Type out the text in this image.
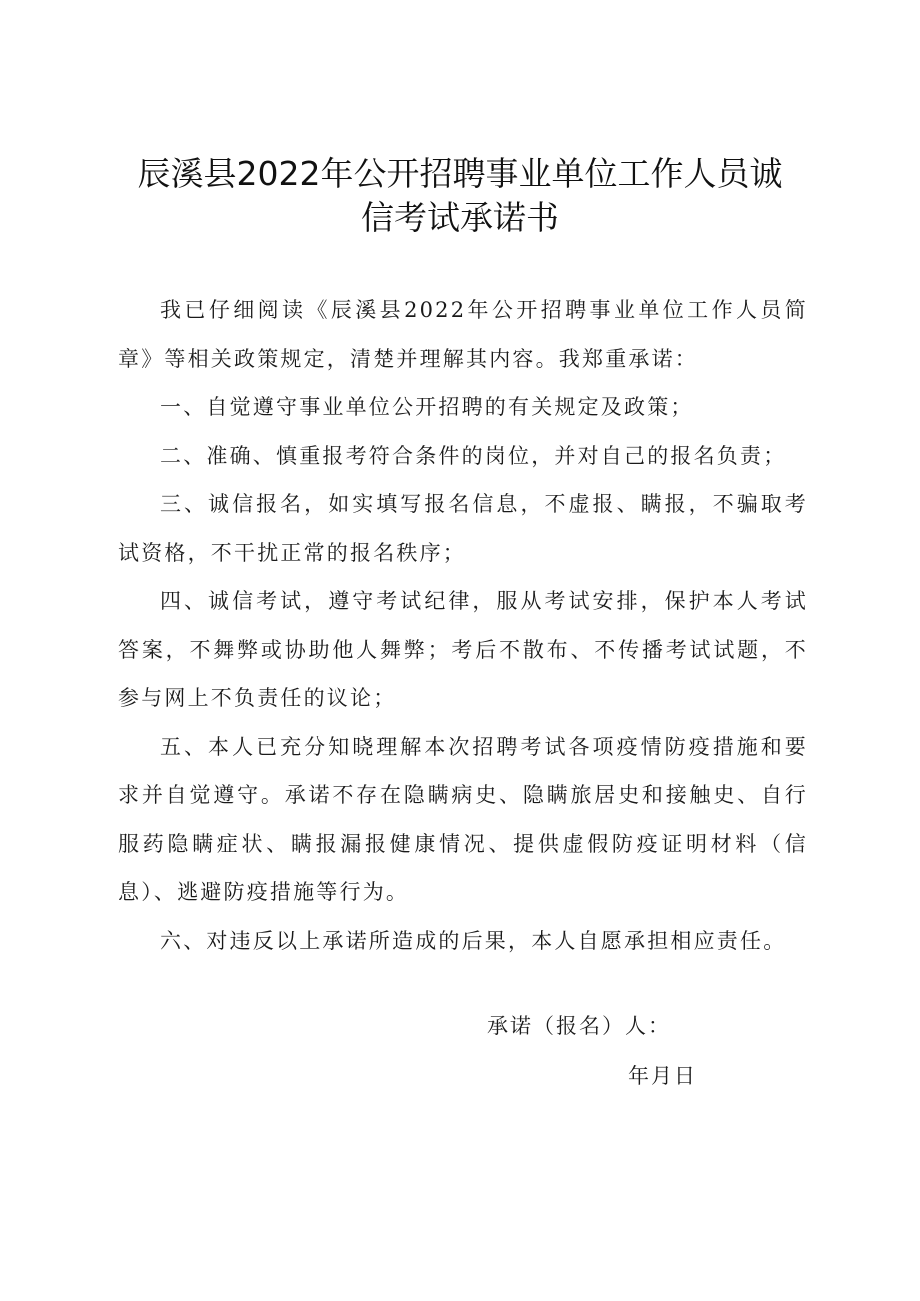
辰溪县2022年公开招聘事业单位工作人员诚
信考试承诺书

我已仔细阅读《辰溪县2022年公开招聘事业单位工作人员简章》等相关政策规定，清楚并理解其内容。我郑重承诺：

一、自觉遵守事业单位公开招聘的有关规定及政策；

二、准确、慎重报考符合条件的岗位，并对自己的报名负责；

三、诚信报名，如实填写报名信息，不虚报、瞒报，不骗取考试资格，不干扰正常的报名秩序；

四、诚信考试，遵守考试纪律，服从考试安排，保护本人考试答案，不舞弊或协助他人舞弊；考后不散布、不传播考试试题，不参与网上不负责任的议论；

五、本人已充分知晓理解本次招聘考试各项疫情防疫措施和要求并自觉遵守。承诺不存在隐瞒病史、隐瞒旅居史和接触史、自行服药隐瞒症状、瞒报漏报健康情况、提供虚假防疫证明材料（信息）、逃避防疫措施等行为。

六、对违反以上承诺所造成的后果，本人自愿承担相应责任。

承诺（报名）人：
年月日
